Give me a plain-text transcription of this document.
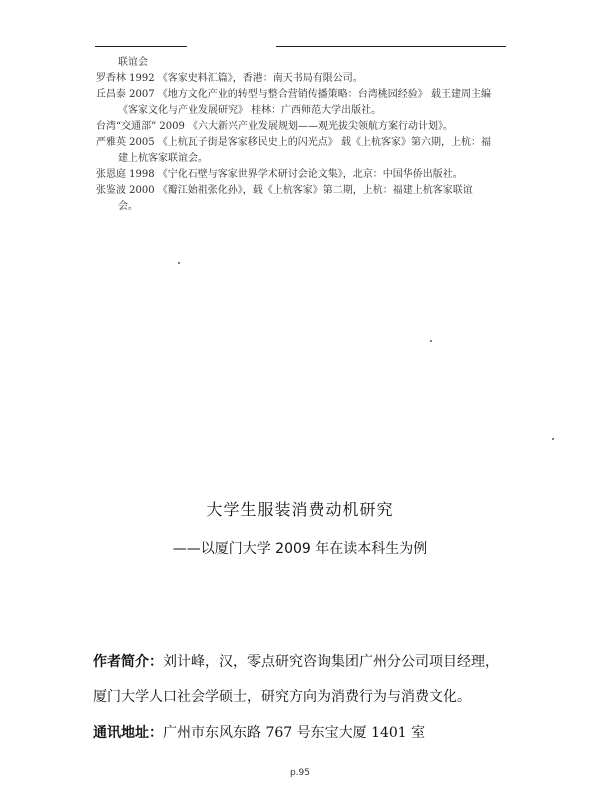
联谊会

罗香林 1992 《客家史料汇篇》，香港：南天书局有限公司。

丘昌泰 2007 《地方文化产业的转型与整合营销传播策略：台湾桃园经验》 载王建周主编
《客家文化与产业发展研究》 桂林：广西师范大学出版社。

台湾“交通部” 2009 《六大新兴产业发展规划——观光拔尖领航方案行动计划》。

严雅英 2005 《上杭瓦子街是客家移民史上的闪光点》 载《上杭客家》第六期，上杭：福
建上杭客家联谊会。

张恩庭 1998 《宁化石壁与客家世界学术研讨会论文集》，北京：中国华侨出版社。

张鉴波 2000 《瓣江始祖张化孙》，载《上杭客家》第二期，上杭：福建上杭客家联谊
会。

大学生服装消费动机研究
——以厦门大学 2009 年在读本科生为例

作者简介：刘计峰，汉，零点研究咨询集团广州分公司项目经理，

厦门大学人口社会学硕士，研究方向为消费行为与消费文化。

通讯地址：广州市东风东路 767 号东宝大厦 1401 室

p.95
